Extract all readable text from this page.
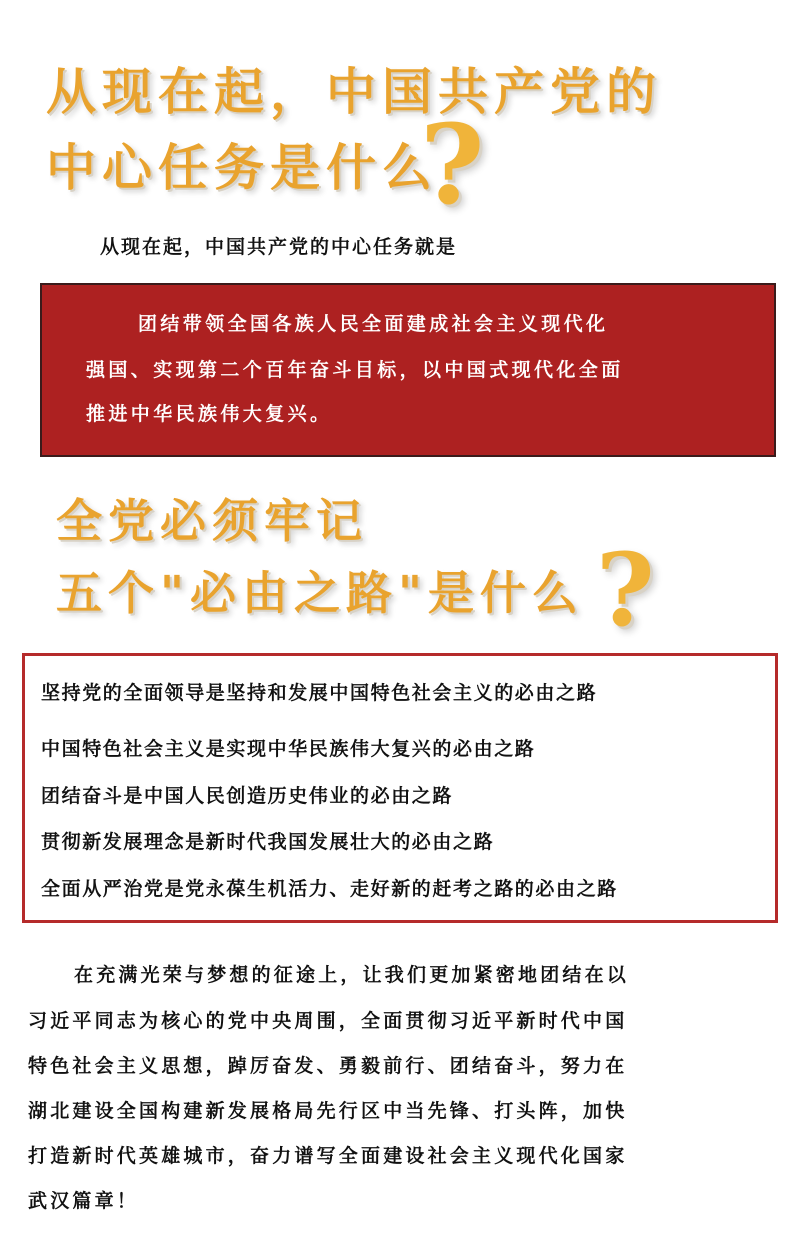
从现在起，中国共产党的
中心任务是什么
?

从现在起，中国共产党的中心任务就是

团结带领全国各族人民全面建成社会主义现代化

强国、实现第二个百年奋斗目标，以中国式现代化全面

推进中华民族伟大复兴。

全党必须牢记
五个"必由之路"是什么 ?

坚持党的全面领导是坚持和发展中国特色社会主义的必由之路

中国特色社会主义是实现中华民族伟大复兴的必由之路

团结奋斗是中国人民创造历史伟业的必由之路

贯彻新发展理念是新时代我国发展壮大的必由之路

全面从严治党是党永葆生机活力、走好新的赶考之路的必由之路

在充满光荣与梦想的征途上，让我们更加紧密地团结在以

习近平同志为核心的党中央周围，全面贯彻习近平新时代中国

特色社会主义思想，踔厉奋发、勇毅前行、团结奋斗，努力在

湖北建设全国构建新发展格局先行区中当先锋、打头阵，加快

打造新时代英雄城市，奋力谱写全面建设社会主义现代化国家

武汉篇章！
